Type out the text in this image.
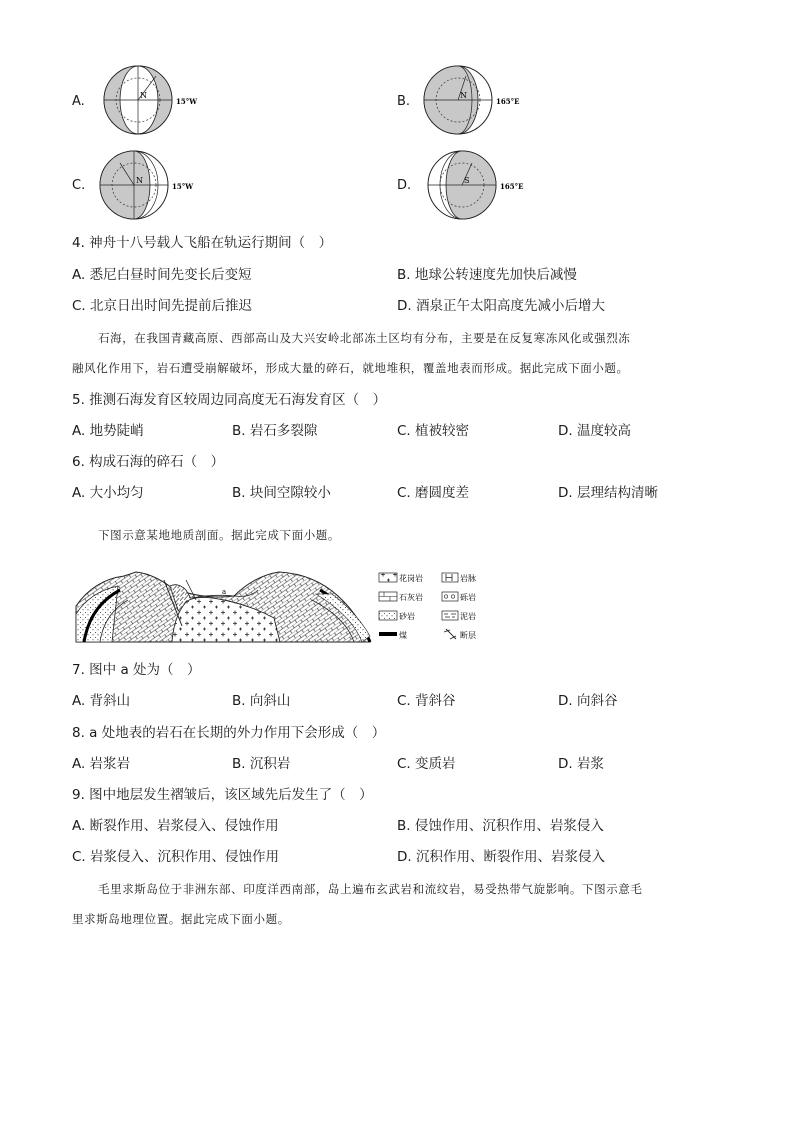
A.	N
15°W	B.	N
165°E
C.	N
15°W	D.	S
165°E
4. 神舟十八号载人飞船在轨运行期间（　）
A. 悉尼白昼时间先变长后变短	B. 地球公转速度先加快后减慢
C. 北京日出时间先提前后推迟	D. 酒泉正午太阳高度先减小后增大
石海，在我国青藏高原、西部高山及大兴安岭北部冻土区均有分布，主要是在反复寒冻风化或强烈冻
融风化作用下，岩石遭受崩解破坏，形成大量的碎石，就地堆积，覆盖地表而形成。据此完成下面小题。
5. 推测石海发育区较周边同高度无石海发育区（　）
A. 地势陡峭	B. 岩石多裂隙	C. 植被较密	D. 温度较高
6. 构成石海的碎石（　）
A. 大小均匀	B. 块间空隙较小	C. 磨圆度差	D. 层理结构清晰
下图示意某地地质剖面。据此完成下面小题。
a
花岗岩	岩脉
石灰岩	砾岩
砂岩	泥岩
煤	断层
7. 图中 a 处为（　）
A. 背斜山	B. 向斜山	C. 背斜谷	D. 向斜谷
8. a 处地表的岩石在长期的外力作用下会形成（　）
A. 岩浆岩	B. 沉积岩	C. 变质岩	D. 岩浆
9. 图中地层发生褶皱后，该区域先后发生了（　）
A. 断裂作用、岩浆侵入、侵蚀作用	B. 侵蚀作用、沉积作用、岩浆侵入
C. 岩浆侵入、沉积作用、侵蚀作用	D. 沉积作用、断裂作用、岩浆侵入
毛里求斯岛位于非洲东部、印度洋西南部，岛上遍布玄武岩和流纹岩，易受热带气旋影响。下图示意毛
里求斯岛地理位置。据此完成下面小题。
